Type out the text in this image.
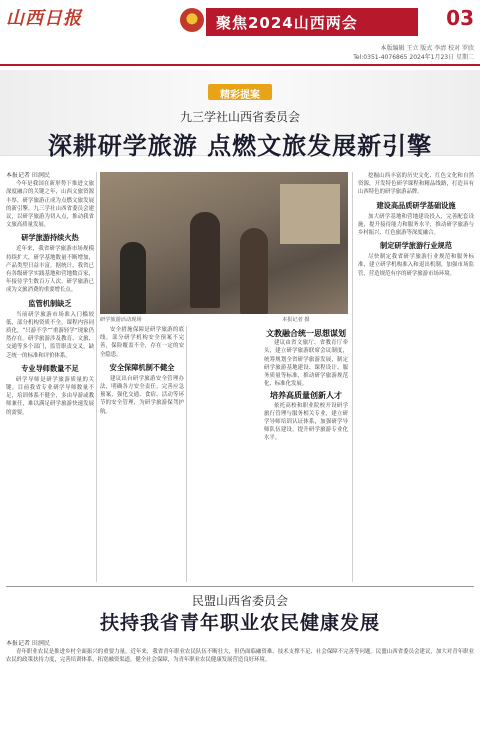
山西日报	聚焦2024山西两会	03
本版编辑 王立 版式 李清 校对 罗欣
Tel:0351-4076865 2024年1月23日 星期二
精彩提案
九三学社山西省委员会
深耕研学旅游 点燃文旅发展新引擎
本报记者 田润民

今年是我国在新形势下推进文旅深度融合的关键之年，山西文旅资源丰厚，研学旅游正成为点燃文旅发展的新引擎。九三学社山西省委员会建议，以研学旅游为切入点，推动我省文旅高质量发展。

研学旅游持续火热

近年来，我省研学旅游市场规模持续扩大，研学基地数量不断增加，产品类型日益丰富。据统计，我省已有各级研学实践基地和营地数百家，年接待学生数百万人次，研学旅游已成为文旅消费的重要增长点。

监管机制缺乏

当前研学旅游市场准入门槛较低，部分机构资质不全，课程内容同质化，“只游不学”“重游轻学”现象仍然存在。研学旅游涉及教育、文旅、交通等多个部门，监管职责交叉，缺乏统一的标准和评价体系。

专业导师数量不足

研学导师是研学旅游质量的关键。目前我省专业研学导师数量不足，培训体系不健全，多由导游或教师兼任，难以满足研学旅游快速发展的需要。

研学旅游活动现场	本报记者 摄

安全措施保障是研学旅游的底线。部分研学机构安全预案不完善，保险覆盖不全，存在一定的安全隐患。

安全保障机制不健全

建议出台研学旅游安全管理办法，明确各方安全责任，完善应急预案，强化交通、食宿、活动等环节的安全管理，为研学旅游保驾护航。

文教融合统一思想谋划

建议由省文旅厅、省教育厅牵头，建立研学旅游联席会议制度，统筹规划全省研学旅游发展，制定研学旅游基地建设、课程设计、服务质量等标准，推动研学旅游规范化、标准化发展。

培养高质量创新人才

依托高校和职业院校开设研学旅行管理与服务相关专业，建立研学导师培训认证体系，加强研学导师队伍建设，提升研学旅游专业化水平。

挖掘山西丰富的历史文化、红色文化和自然资源，开发特色研学课程和精品线路，打造具有山西特色的研学旅游品牌。

建设高品质研学基础设施

加大研学基地和营地建设投入，完善配套设施，提升接待能力和服务水平，推动研学旅游与乡村振兴、红色旅游等深度融合。

制定研学旅游行业规范

尽快制定我省研学旅游行业规范和服务标准，建立研学机构准入和退出机制，加强市场监管，营造规范有序的研学旅游市场环境。

民盟山西省委员会
扶持我省青年职业农民健康发展
本报记者 田润民

青年职业农民是推进乡村全面振兴的重要力量。近年来，我省青年职业农民队伍不断壮大，但仍面临融资难、技术支撑不足、社会保障不完善等问题。民盟山西省委员会建议，加大对青年职业农民的政策扶持力度，完善培训体系，拓宽融资渠道，健全社会保障，为青年职业农民健康发展营造良好环境。
